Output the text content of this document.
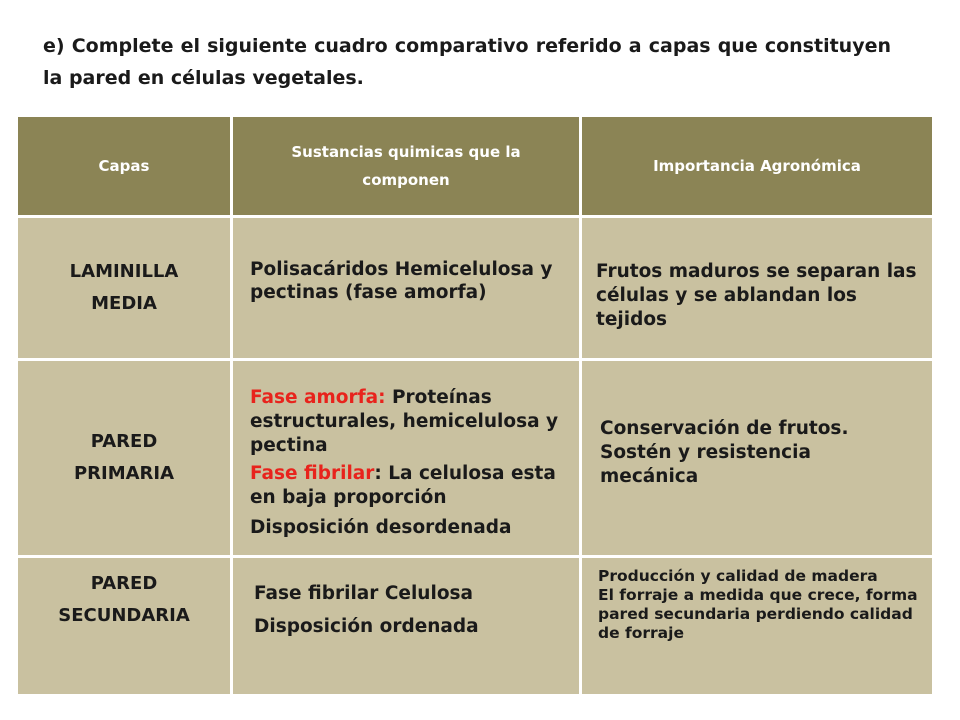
e) Complete el siguiente cuadro comparativo referido a capas que constituyen la pared en células vegetales.
Capas
Sustancias quimicas que la componen
Importancia Agronómica
LAMINILLA
MEDIA
Polisacáridos Hemicelulosa y pectinas (fase amorfa)
Frutos maduros se separan las células y se ablandan los tejidos
PARED
PRIMARIA
Fase amorfa: Proteínas estructurales, hemicelulosa y pectina
Fase fibrilar: La celulosa esta en baja proporción
Disposición desordenada
Conservación de frutos. Sostén y resistencia mecánica
PARED
SECUNDARIA
Fase fibrilar Celulosa
Disposición ordenada
Producción y calidad de madera
El forraje a medida que crece, forma pared secundaria perdiendo calidad de forraje
